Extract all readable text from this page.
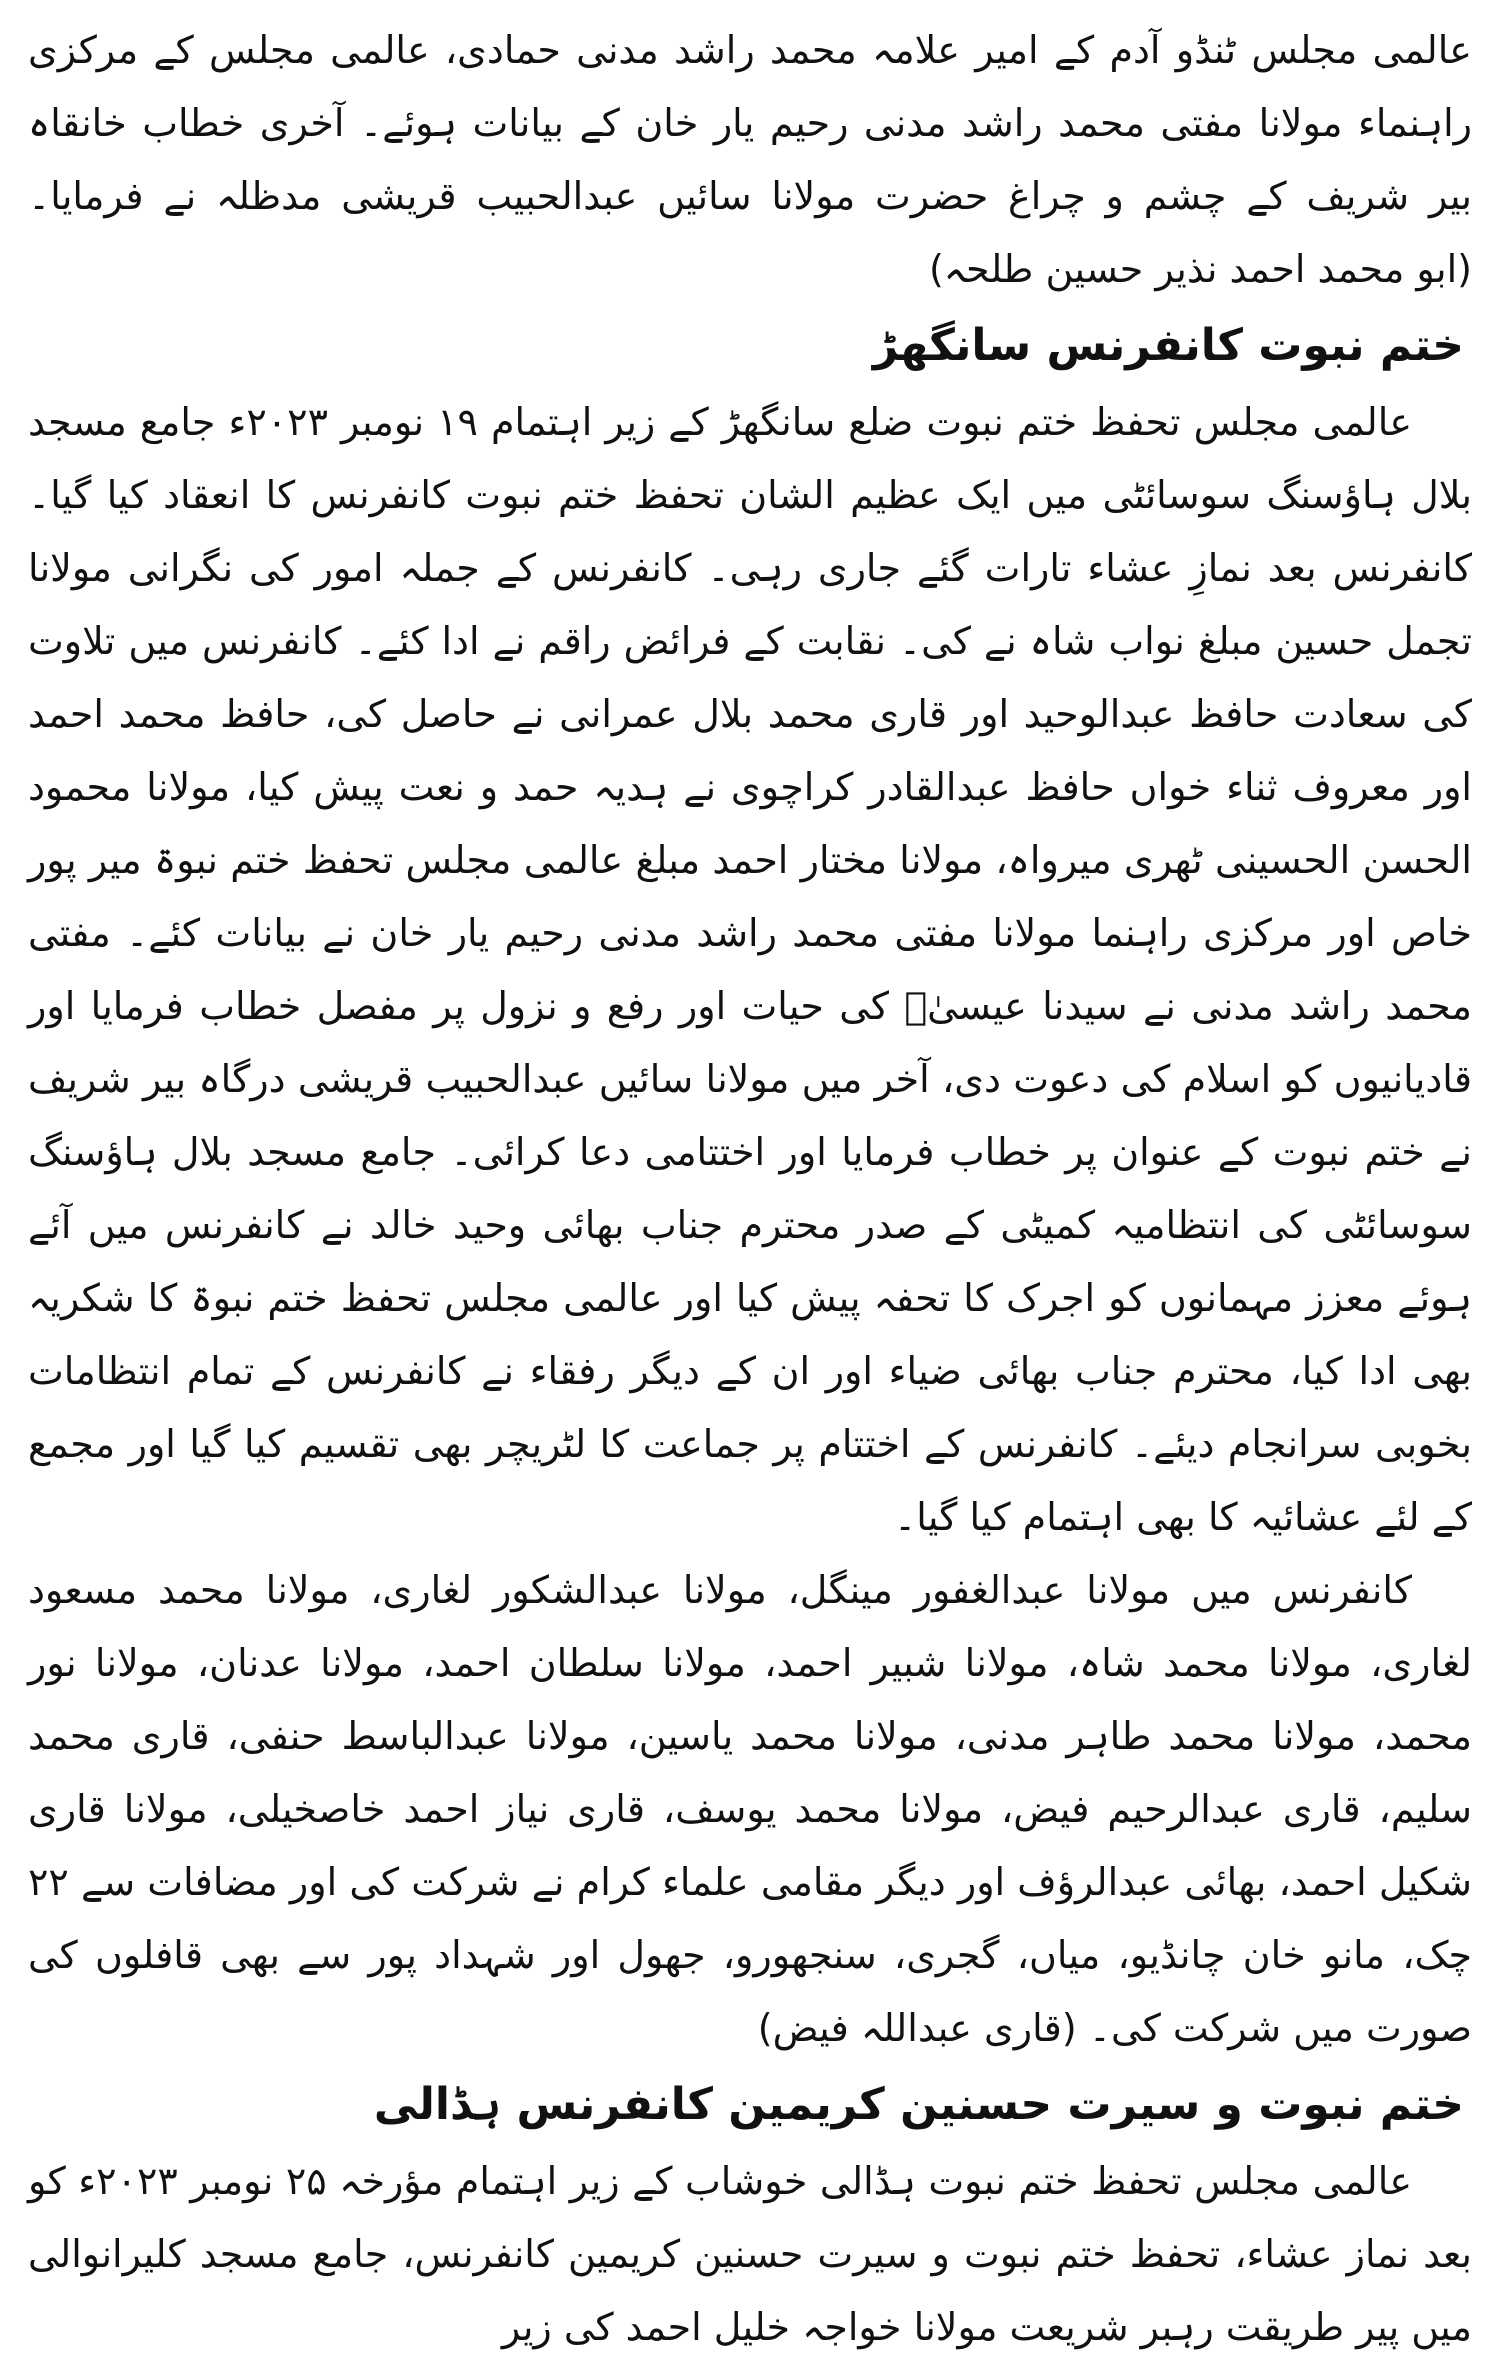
عالمی مجلس ٹنڈو آدم کے امیر علامہ محمد راشد مدنی حمادی، عالمی مجلس کے مرکزی راہنماء مولانا مفتی محمد راشد مدنی رحیم یار خان کے بیانات ہوئے۔ آخری خطاب خانقاہ بیر شریف کے چشم و چراغ حضرت مولانا سائیں عبدالحبیب قریشی مدظلہ نے فرمایا۔ (ابو محمد احمد نذیر حسین طلحہ)

ختم نبوت کانفرنس سانگھڑ

عالمی مجلس تحفظ ختم نبوت ضلع سانگھڑ کے زیر اہتمام ۱۹ نومبر ۲۰۲۳ء جامع مسجد بلال ہاؤسنگ سوسائٹی میں ایک عظیم الشان تحفظ ختم نبوت کانفرنس کا انعقاد کیا گیا۔ کانفرنس بعد نمازِ عشاء تارات گئے جاری رہی۔ کانفرنس کے جملہ امور کی نگرانی مولانا تجمل حسین مبلغ نواب شاہ نے کی۔ نقابت کے فرائض راقم نے ادا کئے۔ کانفرنس میں تلاوت کی سعادت حافظ عبدالوحید اور قاری محمد بلال عمرانی نے حاصل کی، حافظ محمد احمد اور معروف ثناء خواں حافظ عبدالقادر کراچوی نے ہدیہ حمد و نعت پیش کیا، مولانا محمود الحسن الحسینی ٹھری میرواہ، مولانا مختار احمد مبلغ عالمی مجلس تحفظ ختم نبوۃ میر پور خاص اور مرکزی راہنما مولانا مفتی محمد راشد مدنی رحیم یار خان نے بیانات کئے۔ مفتی محمد راشد مدنی نے سیدنا عیسیٰؑ کی حیات اور رفع و نزول پر مفصل خطاب فرمایا اور قادیانیوں کو اسلام کی دعوت دی، آخر میں مولانا سائیں عبدالحبیب قریشی درگاہ بیر شریف نے ختم نبوت کے عنوان پر خطاب فرمایا اور اختتامی دعا کرائی۔ جامع مسجد بلال ہاؤسنگ سوسائٹی کی انتظامیہ کمیٹی کے صدر محترم جناب بھائی وحید خالد نے کانفرنس میں آئے ہوئے معزز مہمانوں کو اجرک کا تحفہ پیش کیا اور عالمی مجلس تحفظ ختم نبوۃ کا شکریہ بھی ادا کیا، محترم جناب بھائی ضیاء اور ان کے دیگر رفقاء نے کانفرنس کے تمام انتظامات بخوبی سرانجام دیئے۔ کانفرنس کے اختتام پر جماعت کا لٹریچر بھی تقسیم کیا گیا اور مجمع کے لئے عشائیہ کا بھی اہتمام کیا گیا۔

کانفرنس میں مولانا عبدالغفور مینگل، مولانا عبدالشکور لغاری، مولانا محمد مسعود لغاری، مولانا محمد شاہ، مولانا شبیر احمد، مولانا سلطان احمد، مولانا عدنان، مولانا نور محمد، مولانا محمد طاہر مدنی، مولانا محمد یاسین، مولانا عبدالباسط حنفی، قاری محمد سلیم، قاری عبدالرحیم فیض، مولانا محمد یوسف، قاری نیاز احمد خاصخیلی، مولانا قاری شکیل احمد، بھائی عبدالرؤف اور دیگر مقامی علماء کرام نے شرکت کی اور مضافات سے ۲۲ چک، مانو خان چانڈیو، میاں، گجری، سنجھورو، جھول اور شہداد پور سے بھی قافلوں کی صورت میں شرکت کی۔ (قاری عبداللہ فیض)

ختم نبوت و سیرت حسنین کریمین کانفرنس ہڈالی

عالمی مجلس تحفظ ختم نبوت ہڈالی خوشاب کے زیر اہتمام مؤرخہ ۲۵ نومبر ۲۰۲۳ء کو بعد نماز عشاء، تحفظ ختم نبوت و سیرت حسنین کریمین کانفرنس، جامع مسجد کلیرانوالی میں پیر طریقت رہبر شریعت مولانا خواجہ خلیل احمد کی زیر
